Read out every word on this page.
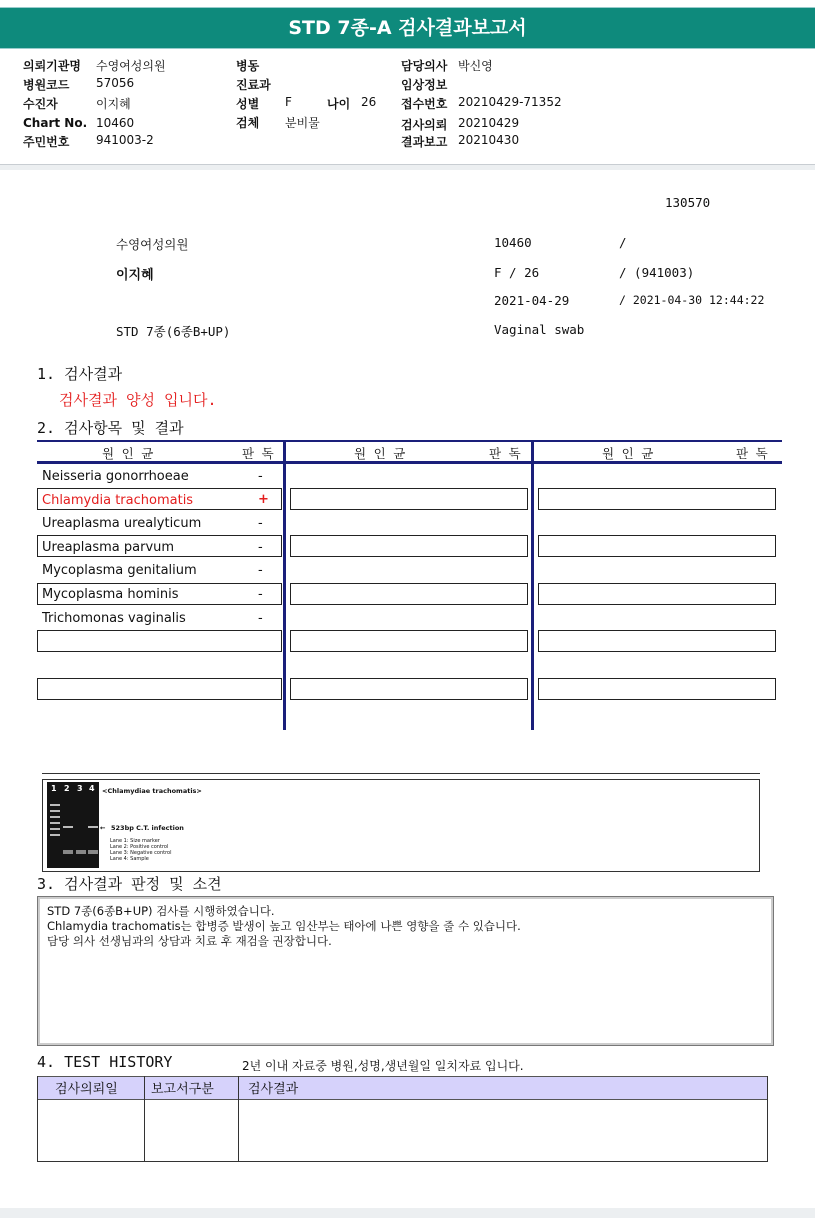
STD 7종-A 검사결과보고서
의뢰기관명 수영여성의원
병원코드 57056
수진자	이지혜
Chart No. 10460
주민번호 941003-2
병동
진료과
성별 F	나이 26
검체 분비물
담당의사 박신영
임상정보
접수번호 20210429-71352
검사의뢰 20210429
결과보고 20210430
130570
수영여성의원	10460	/
이지혜	F / 26	/ (941003)
2021-04-29	/ 2021-04-30 12:44:22
STD 7종(6종B+UP)	Vaginal swab
1. 검사결과
검사결과 양성 입니다.
2. 검사항목 및 결과
원 인 균	판 독	원 인 균	판 독	원 인 균	판 독
Neisseria gonorrhoeae	-
Chlamydia trachomatis	+
Ureaplasma urealyticum	-
Ureaplasma parvum	-
Mycoplasma genitalium	-
Mycoplasma hominis	-
Trichomonas vaginalis	-
1 2 3 4 <Chlamydiae trachomatis>
← 523bp C.T. infection
Lane 1: Size marker
Lane 2: Positive control
Lane 3: Negative control
Lane 4: Sample
3. 검사결과 판정 및 소견
STD 7종(6종B+UP) 검사를 시행하였습니다.
Chlamydia trachomatis는 합병증 발생이 높고 임산부는 태아에 나쁜 영향을 줄 수 있습니다.
담당 의사 선생님과의 상담과 치료 후 재검을 권장합니다.
4. TEST HISTORY	2년 이내 자료중 병원,성명,생년월일 일치자료 입니다.
검사의뢰일	보고서구분	검사결과
